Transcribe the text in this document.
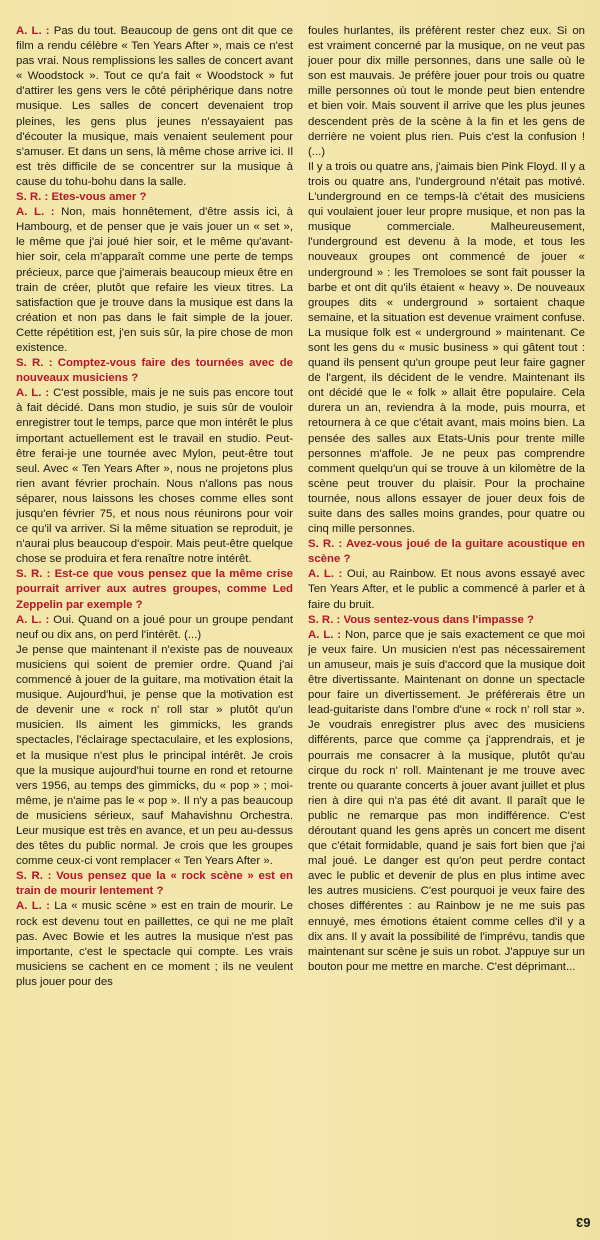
A. L. : Pas du tout. Beaucoup de gens ont dit que ce film a rendu célèbre « Ten Years After », mais ce n'est pas vrai. Nous remplissions les salles de concert avant « Woodstock ». Tout ce qu'a fait « Woodstock » fut d'attirer les gens vers le côté périphérique dans notre musique. Les salles de concert devenaient trop pleines, les gens plus jeunes n'essayaient pas d'écouter la musique, mais venaient seulement pour s'amuser. Et dans un sens, là même chose arrive ici. Il est très difficile de se concentrer sur la musique à cause du tohu-bohu dans la salle.

S. R. : Etes-vous amer ?

A. L. : Non, mais honnêtement, d'être assis ici, à Hambourg, et de penser que je vais jouer un « set », le même que j'ai joué hier soir, et le même qu'avant-hier soir, cela m'apparaît comme une perte de temps précieux, parce que j'aimerais beaucoup mieux être en train de créer, plutôt que refaire les vieux titres. La satisfaction que je trouve dans la musique est dans la création et non pas dans le fait simple de la jouer. Cette répétition est, j'en suis sûr, la pire chose de mon existence.

S. R. : Comptez-vous faire des tournées avec de nouveaux musiciens ?

A. L. : C'est possible, mais je ne suis pas encore tout à fait décidé. Dans mon studio, je suis sûr de vouloir enregistrer tout le temps, parce que mon intérêt le plus important actuellement est le travail en studio. Peut-être ferai-je une tournée avec Mylon, peut-être tout seul. Avec « Ten Years After », nous ne projetons plus rien avant février prochain. Nous n'allons pas nous séparer, nous laissons les choses comme elles sont jusqu'en février 75, et nous nous réunirons pour voir ce qu'il va arriver. Si la même situation se reproduit, je n'aurai plus beaucoup d'espoir. Mais peut-être quelque chose se produira et fera renaître notre intérêt.

S. R. : Est-ce que vous pensez que la même crise pourrait arriver aux autres groupes, comme Led Zeppelin par exemple ?

A. L. : Oui. Quand on a joué pour un groupe pendant neuf ou dix ans, on perd l'intérêt. (...)

Je pense que maintenant il n'existe pas de nouveaux musiciens qui soient de premier ordre. Quand j'ai commencé à jouer de la guitare, ma motivation était la musique. Aujourd'hui, je pense que la motivation est de devenir une « rock n' roll star » plutôt qu'un musicien. Ils aiment les gimmicks, les grands spectacles, l'éclairage spectaculaire, et les explosions, et la musique n'est plus le principal intérêt. Je crois que la musique aujourd'hui tourne en rond et retourne vers 1956, au temps des gimmicks, du « pop » ; moi-même, je n'aime pas le « pop ». Il n'y a pas beaucoup de musiciens sérieux, sauf Mahavishnu Orchestra. Leur musique est très en avance, et un peu au-dessus des têtes du public normal. Je crois que les groupes comme ceux-ci vont remplacer « Ten Years After ».

S. R. : Vous pensez que la « rock scène » est en train de mourir lentement ?

A. L. : La « music scène » est en train de mourir. Le rock est devenu tout en paillettes, ce qui ne me plaît pas. Avec Bowie et les autres la musique n'est pas importante, c'est le spectacle qui compte. Les vrais musiciens se cachent en ce moment ; ils ne veulent plus jouer pour des

foules hurlantes, ils préfèrent rester chez eux. Si on est vraiment concerné par la musique, on ne veut pas jouer pour dix mille personnes, dans une salle où le son est mauvais. Je préfère jouer pour trois ou quatre mille personnes où tout le monde peut bien entendre et bien voir. Mais souvent il arrive que les plus jeunes descendent près de la scène à la fin et les gens de derrière ne voient plus rien. Puis c'est la confusion ! (...)

Il y a trois ou quatre ans, j'aimais bien Pink Floyd. Il y a trois ou quatre ans, l'underground n'était pas motivé. L'underground en ce temps-là c'était des musiciens qui voulaient jouer leur propre musique, et non pas la musique commerciale. Malheureusement, l'underground est devenu à la mode, et tous les nouveaux groupes ont commencé de jouer « underground » : les Tremoloes se sont fait pousser la barbe et ont dit qu'ils étaient « heavy ». De nouveaux groupes dits « underground » sortaient chaque semaine, et la situation est devenue vraiment confuse. La musique folk est « underground » maintenant. Ce sont les gens du « music business » qui gâtent tout : quand ils pensent qu'un groupe peut leur faire gagner de l'argent, ils décident de le vendre. Maintenant ils ont décidé que le « folk » allait être populaire. Cela durera un an, reviendra à la mode, puis mourra, et retournera à ce que c'était avant, mais moins bien. La pensée des salles aux Etats-Unis pour trente mille personnes m'affole. Je ne peux pas comprendre comment quelqu'un qui se trouve à un kilomètre de la scène peut trouver du plaisir. Pour la prochaine tournée, nous allons essayer de jouer deux fois de suite dans des salles moins grandes, pour quatre ou cinq mille personnes.

S. R. : Avez-vous joué de la guitare acoustique en scène ?

A. L. : Oui, au Rainbow. Et nous avons essayé avec Ten Years After, et le public a commencé à parler et à faire du bruit.

S. R. : Vous sentez-vous dans l'impasse ?

A. L. : Non, parce que je sais exactement ce que moi je veux faire. Un musicien n'est pas nécessairement un amuseur, mais je suis d'accord que la musique doit être divertissante. Maintenant on donne un spectacle pour faire un divertissement. Je préférerais être un lead-guitariste dans l'ombre d'une « rock n' roll star ». Je voudrais enregistrer plus avec des musiciens différents, parce que comme ça j'apprendrais, et je pourrais me consacrer à la musique, plutôt qu'au cirque du rock n' roll. Maintenant je me trouve avec trente ou quarante concerts à jouer avant juillet et plus rien à dire qui n'a pas été dit avant. Il paraît que le public ne remarque pas mon indifférence. C'est déroutant quand les gens après un concert me disent que c'était formidable, quand je sais fort bien que j'ai mal joué. Le danger est qu'on peut perdre contact avec le public et devenir de plus en plus intime avec les autres musiciens. C'est pourquoi je veux faire des choses différentes : au Rainbow je ne me suis pas ennuyé, mes émotions étaient comme celles d'il y a dix ans. Il y avait la possibilité de l'imprévu, tandis que maintenant sur scène je suis un robot. J'appuye sur un bouton pour me mettre en marche. C'est déprimant...

63
